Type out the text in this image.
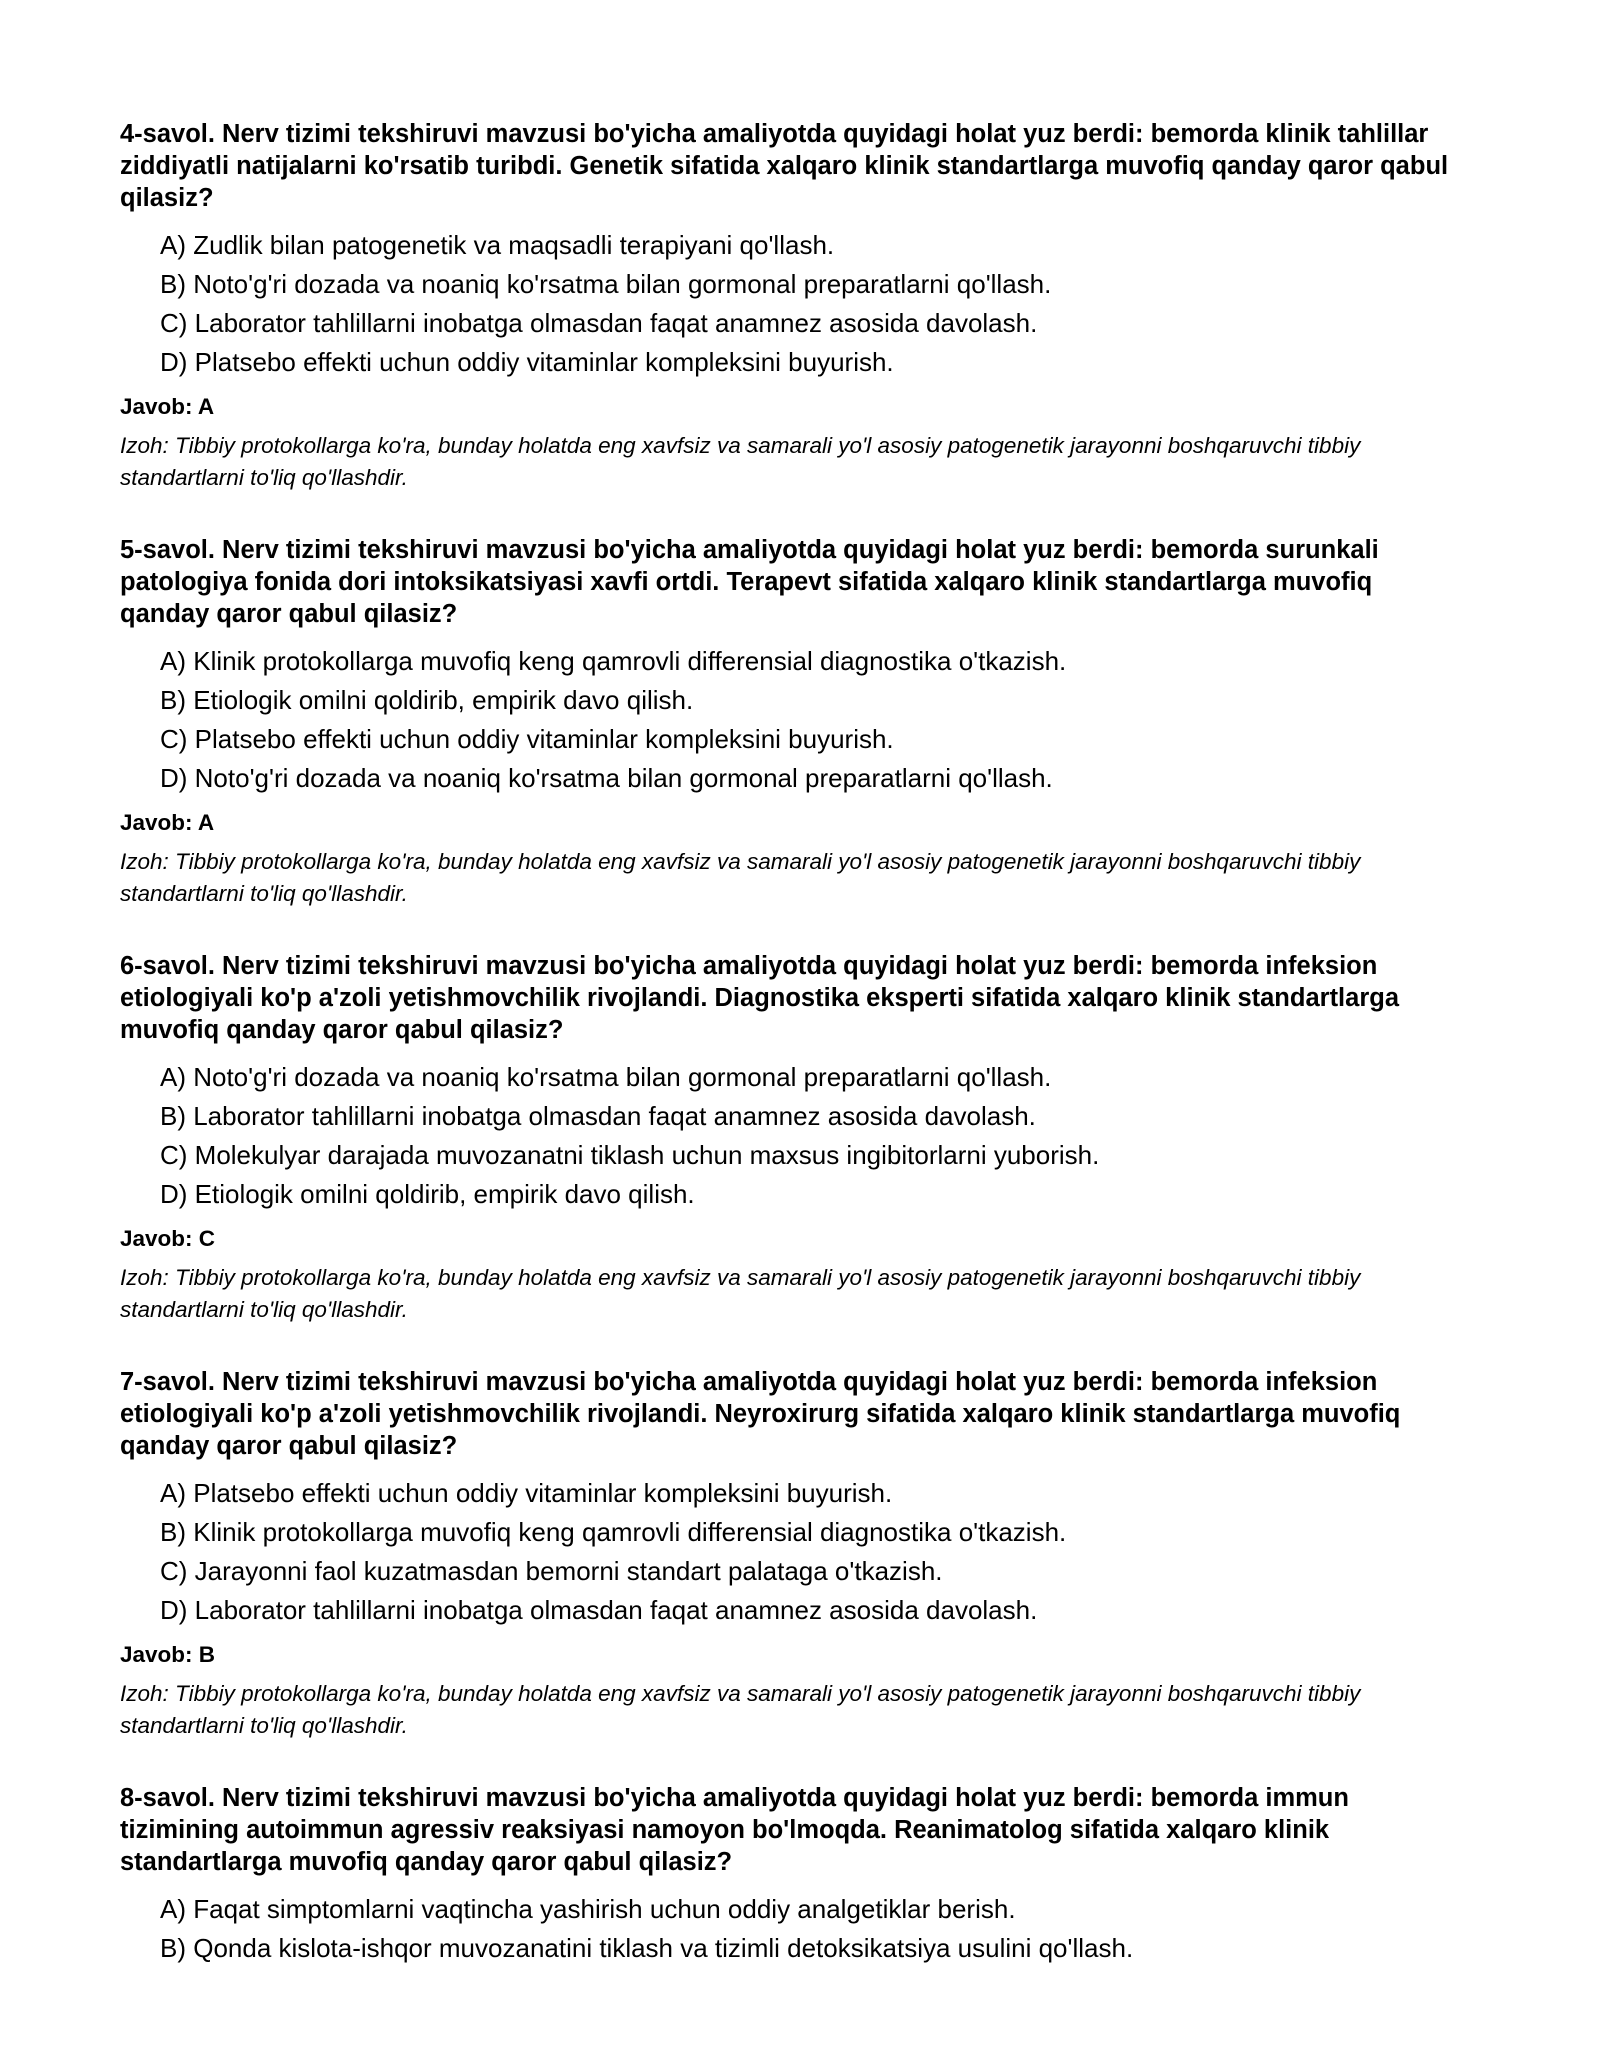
4-savol. Nerv tizimi tekshiruvi mavzusi bo'yicha amaliyotda quyidagi holat yuz berdi: bemorda klinik tahlillar ziddiyatli natijalarni ko'rsatib turibdi. Genetik sifatida xalqaro klinik standartlarga muvofiq qanday qaror qabul qilasiz?

A) Zudlik bilan patogenetik va maqsadli terapiyani qo'llash.
B) Noto'g'ri dozada va noaniq ko'rsatma bilan gormonal preparatlarni qo'llash.
C) Laborator tahlillarni inobatga olmasdan faqat anamnez asosida davolash.
D) Platsebo effekti uchun oddiy vitaminlar kompleksini buyurish.

Javob: A

Izoh: Tibbiy protokollarga ko'ra, bunday holatda eng xavfsiz va samarali yo'l asosiy patogenetik jarayonni boshqaruvchi tibbiy standartlarni to'liq qo'llashdir.

5-savol. Nerv tizimi tekshiruvi mavzusi bo'yicha amaliyotda quyidagi holat yuz berdi: bemorda surunkali patologiya fonida dori intoksikatsiyasi xavfi ortdi. Terapevt sifatida xalqaro klinik standartlarga muvofiq qanday qaror qabul qilasiz?

A) Klinik protokollarga muvofiq keng qamrovli differensial diagnostika o'tkazish.
B) Etiologik omilni qoldirib, empirik davo qilish.
C) Platsebo effekti uchun oddiy vitaminlar kompleksini buyurish.
D) Noto'g'ri dozada va noaniq ko'rsatma bilan gormonal preparatlarni qo'llash.

Javob: A

Izoh: Tibbiy protokollarga ko'ra, bunday holatda eng xavfsiz va samarali yo'l asosiy patogenetik jarayonni boshqaruvchi tibbiy standartlarni to'liq qo'llashdir.

6-savol. Nerv tizimi tekshiruvi mavzusi bo'yicha amaliyotda quyidagi holat yuz berdi: bemorda infeksion etiologiyali ko'p a'zoli yetishmovchilik rivojlandi. Diagnostika eksperti sifatida xalqaro klinik standartlarga muvofiq qanday qaror qabul qilasiz?

A) Noto'g'ri dozada va noaniq ko'rsatma bilan gormonal preparatlarni qo'llash.
B) Laborator tahlillarni inobatga olmasdan faqat anamnez asosida davolash.
C) Molekulyar darajada muvozanatni tiklash uchun maxsus ingibitorlarni yuborish.
D) Etiologik omilni qoldirib, empirik davo qilish.

Javob: C

Izoh: Tibbiy protokollarga ko'ra, bunday holatda eng xavfsiz va samarali yo'l asosiy patogenetik jarayonni boshqaruvchi tibbiy standartlarni to'liq qo'llashdir.

7-savol. Nerv tizimi tekshiruvi mavzusi bo'yicha amaliyotda quyidagi holat yuz berdi: bemorda infeksion etiologiyali ko'p a'zoli yetishmovchilik rivojlandi. Neyroxirurg sifatida xalqaro klinik standartlarga muvofiq qanday qaror qabul qilasiz?

A) Platsebo effekti uchun oddiy vitaminlar kompleksini buyurish.
B) Klinik protokollarga muvofiq keng qamrovli differensial diagnostika o'tkazish.
C) Jarayonni faol kuzatmasdan bemorni standart palataga o'tkazish.
D) Laborator tahlillarni inobatga olmasdan faqat anamnez asosida davolash.

Javob: B

Izoh: Tibbiy protokollarga ko'ra, bunday holatda eng xavfsiz va samarali yo'l asosiy patogenetik jarayonni boshqaruvchi tibbiy standartlarni to'liq qo'llashdir.

8-savol. Nerv tizimi tekshiruvi mavzusi bo'yicha amaliyotda quyidagi holat yuz berdi: bemorda immun tizimining autoimmun agressiv reaksiyasi namoyon bo'lmoqda. Reanimatolog sifatida xalqaro klinik standartlarga muvofiq qanday qaror qabul qilasiz?

A) Faqat simptomlarni vaqtincha yashirish uchun oddiy analgetiklar berish.
B) Qonda kislota-ishqor muvozanatini tiklash va tizimli detoksikatsiya usulini qo'llash.
